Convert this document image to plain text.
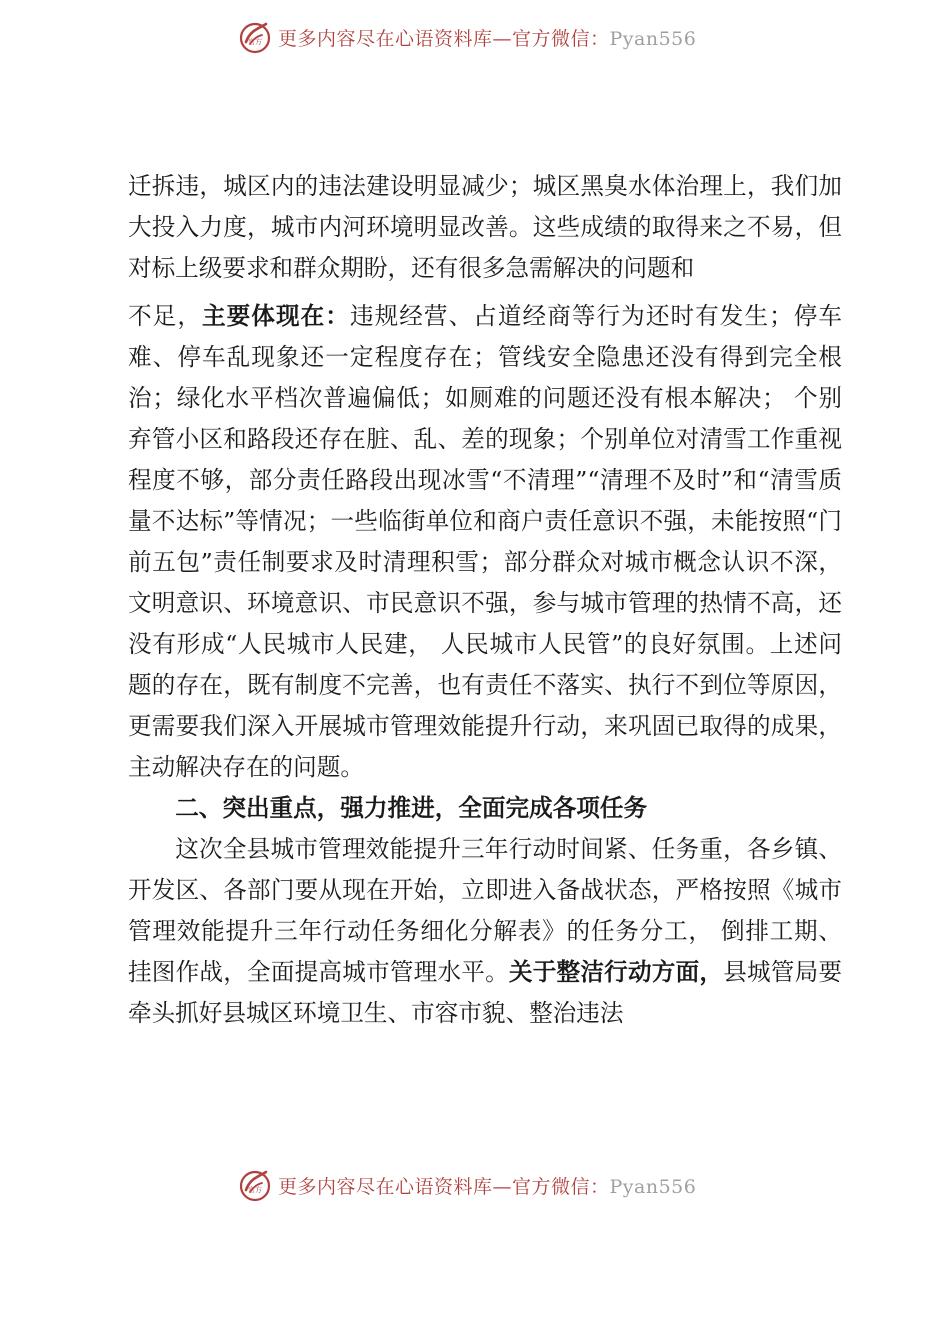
官方 更多内容尽在心语资料库—官方微信：Pyan556

迁拆违，城区内的违法建设明显减少；城区黑臭水体治理上，我们加大投入力度，城市内河环境明显改善。这些成绩的取得来之不易，但对标上级要求和群众期盼，还有很多急需解决的问题和

不足，主要体现在：违规经营、占道经商等行为还时有发生；停车难、停车乱现象还一定程度存在；管线安全隐患还没有得到完全根治；绿化水平档次普遍偏低；如厕难的问题还没有根本解决； 个别弃管小区和路段还存在脏、乱、差的现象；个别单位对清雪工作重视程度不够，部分责任路段出现冰雪“不清理”“清理不及时”和“清雪质量不达标”等情况；一些临街单位和商户责任意识不强，未能按照“门前五包”责任制要求及时清理积雪；部分群众对城市概念认识不深，文明意识、环境意识、市民意识不强，参与城市管理的热情不高，还没有形成“人民城市人民建， 人民城市人民管”的良好氛围。上述问题的存在，既有制度不完善，也有责任不落实、执行不到位等原因，更需要我们深入开展城市管理效能提升行动，来巩固已取得的成果，主动解决存在的问题。

二、突出重点，强力推进，全面完成各项任务

这次全县城市管理效能提升三年行动时间紧、任务重，各乡镇、开发区、各部门要从现在开始，立即进入备战状态，严格按照《城市管理效能提升三年行动任务细化分解表》的任务分工， 倒排工期、挂图作战，全面提高城市管理水平。关于整洁行动方面，县城管局要牵头抓好县城区环境卫生、市容市貌、整治违法

官方 更多内容尽在心语资料库—官方微信：Pyan556
